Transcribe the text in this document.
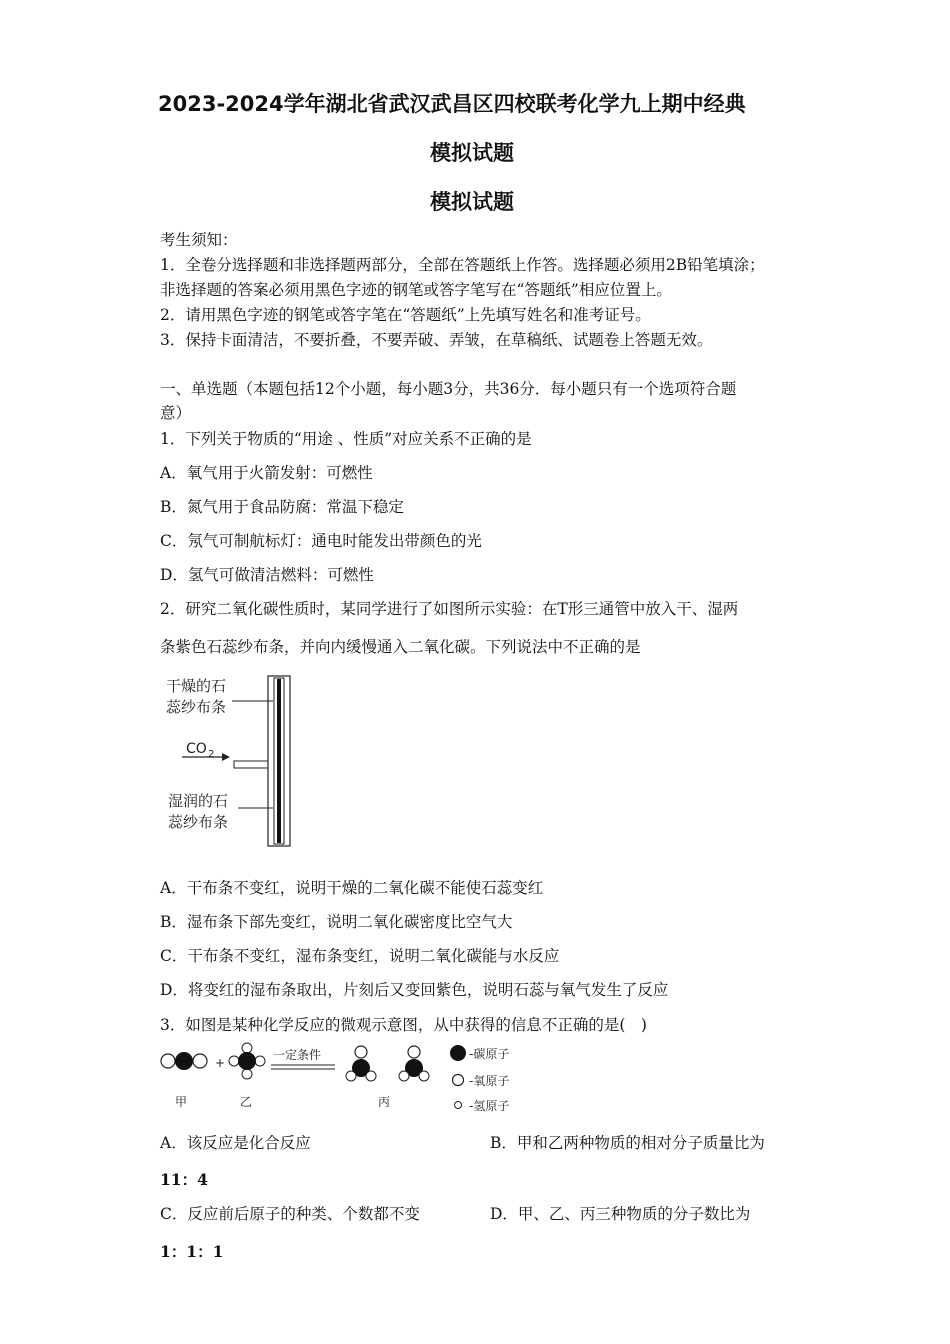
2023-2024学年湖北省武汉武昌区四校联考化学九上期中经典
模拟试题
模拟试题
考生须知：
1．全卷分选择题和非选择题两部分，全部在答题纸上作答。选择题必须用2B铅笔填涂；
非选择题的答案必须用黑色字迹的钢笔或答字笔写在“答题纸”相应位置上。
2．请用黑色字迹的钢笔或答字笔在“答题纸”上先填写姓名和准考证号。
3．保持卡面清洁，不要折叠，不要弄破、弄皱，在草稿纸、试题卷上答题无效。
一、单选题（本题包括12个小题，每小题3分，共36分．每小题只有一个选项符合题
意）
1．下列关于物质的“用途 、性质”对应关系不正确的是
A．氧气用于火箭发射：可燃性
B．氮气用于食品防腐：常温下稳定
C．氖气可制航标灯：通电时能发出带颜色的光
D．氢气可做清洁燃料：可燃性
2．研究二氧化碳性质时，某同学进行了如图所示实验：在T形三通管中放入干、湿两
条紫色石蕊纱布条，并向内缓慢通入二氧化碳。下列说法中不正确的是
干燥的石
蕊纱布条
CO 2
湿润的石
蕊纱布条
A．干布条不变红，说明干燥的二氧化碳不能使石蕊变红
B．湿布条下部先变红，说明二氧化碳密度比空气大
C．干布条不变红，湿布条变红，说明二氧化碳能与水反应
D．将变红的湿布条取出，片刻后又变回紫色，说明石蕊与氧气发生了反应
3．如图是某种化学反应的微观示意图，从中获得的信息不正确的是(　)
+
一定条件	-碳原子
-氧原子
-氢原子
甲	乙	丙
A．该反应是化合反应	B．甲和乙两种物质的相对分子质量比为
11：4
C．反应前后原子的种类、个数都不变	D．甲、乙、丙三种物质的分子数比为
1：1：1
